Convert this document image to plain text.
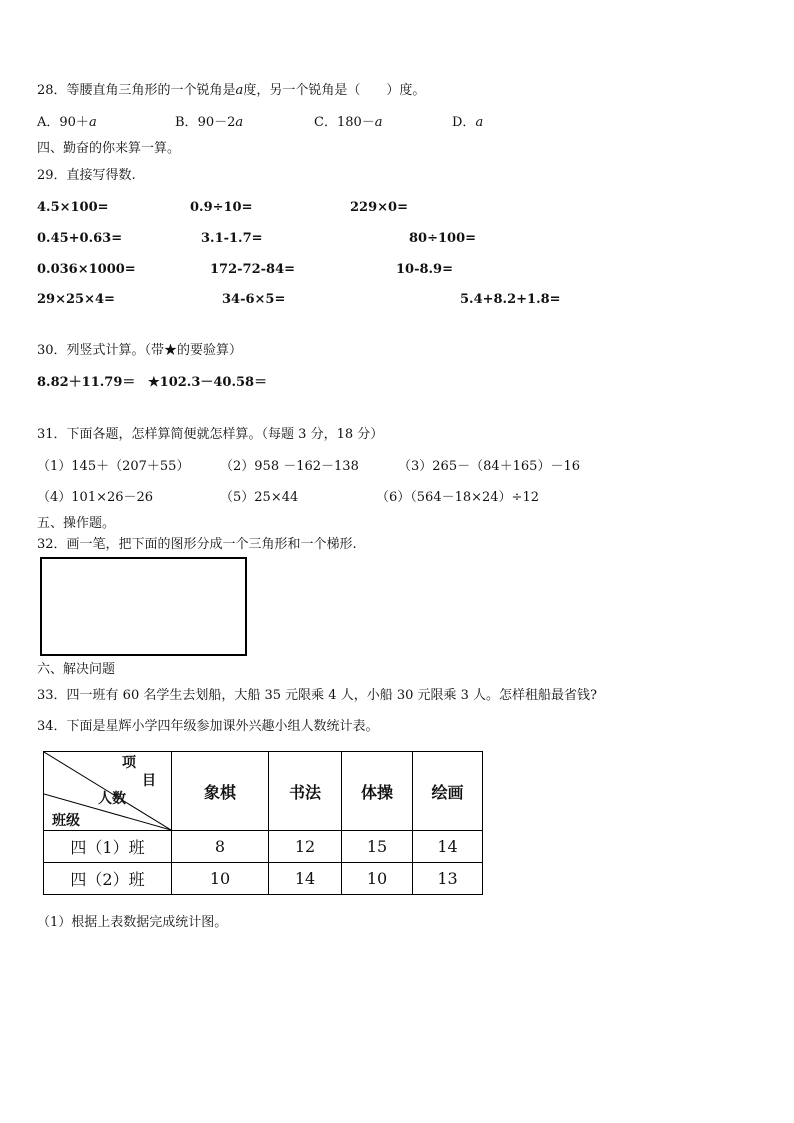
28．等腰直角三角形的一个锐角是a度，另一个锐角是（　　）度。
A．90＋a	B．90－2a	C．180－a	D．a
四、勤奋的你来算一算。
29．直接写得数.
4.5×100=	0.9÷10=	229×0=
0.45+0.63=	3.1-1.7=	80÷100=
0.036×1000=	172-72-84=	10-8.9=
29×25×4=	34-6×5=	5.4+8.2+1.8=
30．列竖式计算。（带★的要验算）
8.82＋11.79＝ ★102.3－40.58＝
31．下面各题，怎样算简便就怎样算。（每题 3 分，18 分）
（1）145＋（207＋55） （2）958 －162－138	（3）265－（84＋165）－16
（4）101×26－26	（5）25×44	（6）（564－18×24）÷12
五、操作题。
32．画一笔，把下面的图形分成一个三角形和一个梯形.
六、解决问题
33．四一班有 60 名学生去划船，大船 35 元限乘 4 人，小船 30 元限乘 3 人。怎样租船最省钱?
34．下面是星辉小学四年级参加课外兴趣小组人数统计表。
项
目
人数
班级	象棋	书法	体操	绘画
四（1）班	8	12	15	14
四（2）班	10	14	10	13
（1）根据上表数据完成统计图。
